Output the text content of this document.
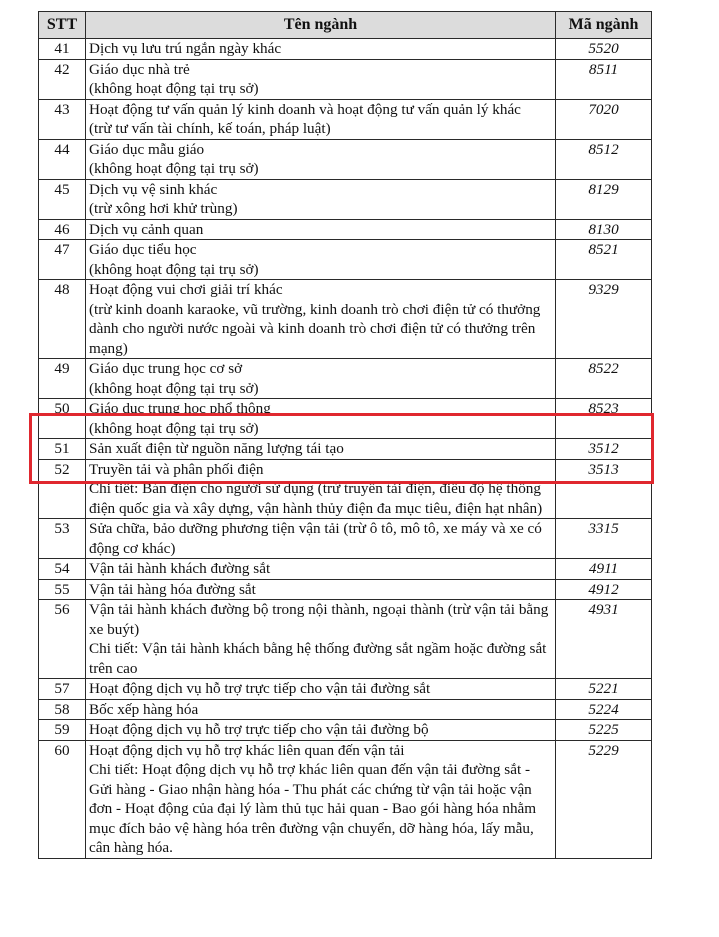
STT	Tên ngành	Mã ngành
41	Dịch vụ lưu trú ngắn ngày khác	5520
42	Giáo dục nhà trẻ
(không hoạt động tại trụ sở)	8511
43	Hoạt động tư vấn quản lý kinh doanh và hoạt động tư vấn quản lý khác
(trừ tư vấn tài chính, kế toán, pháp luật)	7020
44	Giáo dục mẫu giáo
(không hoạt động tại trụ sở)	8512
45	Dịch vụ vệ sinh khác
(trừ xông hơi khử trùng)	8129
46	Dịch vụ cảnh quan	8130
47	Giáo dục tiểu học
(không hoạt động tại trụ sở)	8521
48	Hoạt động vui chơi giải trí khác
(trừ kinh doanh karaoke, vũ trường, kinh doanh trò chơi điện tử có thưởng dành cho người nước ngoài và kinh doanh trò chơi điện tử có thưởng trên mạng)	9329
49	Giáo dục trung học cơ sở
(không hoạt động tại trụ sở)	8522
50	Giáo dục trung học phổ thông
(không hoạt động tại trụ sở)	8523
51	Sản xuất điện từ nguồn năng lượng tái tạo	3512
52	Truyền tải và phân phối điện
Chi tiết: Bán điện cho người sử dụng (trừ truyền tải điện, điều độ hệ thống điện quốc gia và xây dựng, vận hành thủy điện đa mục tiêu, điện hạt nhân)	3513
53	Sửa chữa, bảo dưỡng phương tiện vận tải (trừ ô tô, mô tô, xe máy và xe có động cơ khác)	3315
54	Vận tải hành khách đường sắt	4911
55	Vận tải hàng hóa đường sắt	4912
56	Vận tải hành khách đường bộ trong nội thành, ngoại thành (trừ vận tải bằng xe buýt)
Chi tiết: Vận tải hành khách bằng hệ thống đường sắt ngầm hoặc đường sắt trên cao	4931
57	Hoạt động dịch vụ hỗ trợ trực tiếp cho vận tải đường sắt	5221
58	Bốc xếp hàng hóa	5224
59	Hoạt động dịch vụ hỗ trợ trực tiếp cho vận tải đường bộ	5225
60	Hoạt động dịch vụ hỗ trợ khác liên quan đến vận tải
Chi tiết: Hoạt động dịch vụ hỗ trợ khác liên quan đến vận tải đường sắt - Gửi hàng - Giao nhận hàng hóa - Thu phát các chứng từ vận tải hoặc vận đơn - Hoạt động của đại lý làm thủ tục hải quan - Bao gói hàng hóa nhằm mục đích bảo vệ hàng hóa trên đường vận chuyển, dỡ hàng hóa, lấy mẫu, cân hàng hóa.	5229
